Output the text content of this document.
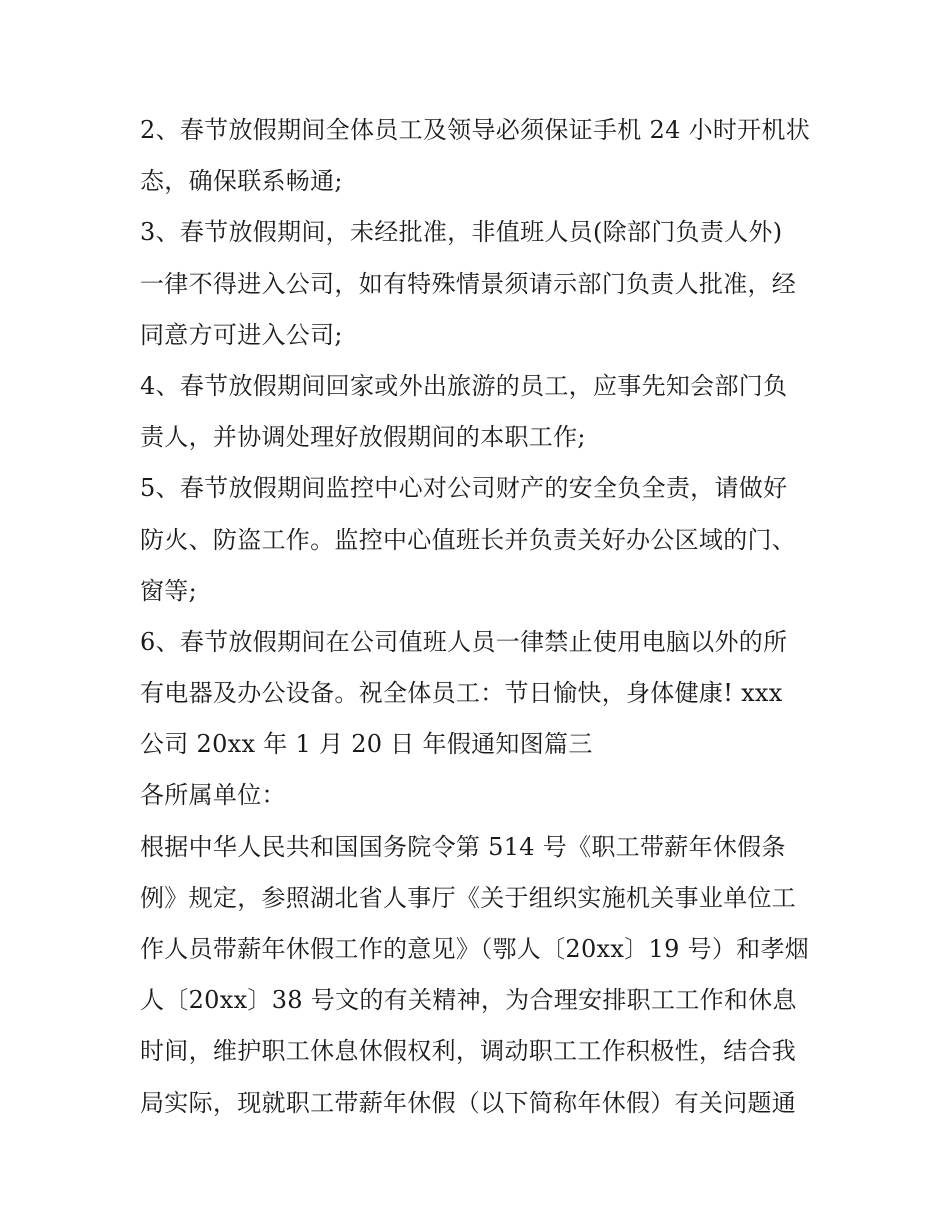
2、春节放假期间全体员工及领导必须保证手机 24 小时开机状
态，确保联系畅通;
3、春节放假期间，未经批准，非值班人员(除部门负责人外)
一律不得进入公司，如有特殊情景须请示部门负责人批准，经
同意方可进入公司;
4、春节放假期间回家或外出旅游的员工，应事先知会部门负
责人，并协调处理好放假期间的本职工作;
5、春节放假期间监控中心对公司财产的安全负全责，请做好
防火、防盗工作。监控中心值班长并负责关好办公区域的门、
窗等;
6、春节放假期间在公司值班人员一律禁止使用电脑以外的所
有电器及办公设备。祝全体员工：节日愉快，身体健康! xxx
公司 20xx 年 1 月 20 日 年假通知图篇三
各所属单位：
根据中华人民共和国国务院令第 514 号《职工带薪年休假条
例》规定，参照湖北省人事厅《关于组织实施机关事业单位工
作人员带薪年休假工作的意见》（鄂人〔20xx〕19 号）和孝烟
人〔20xx〕38 号文的有关精神，为合理安排职工工作和休息
时间，维护职工休息休假权利，调动职工工作积极性，结合我
局实际，现就职工带薪年休假（以下简称年休假）有关问题通
